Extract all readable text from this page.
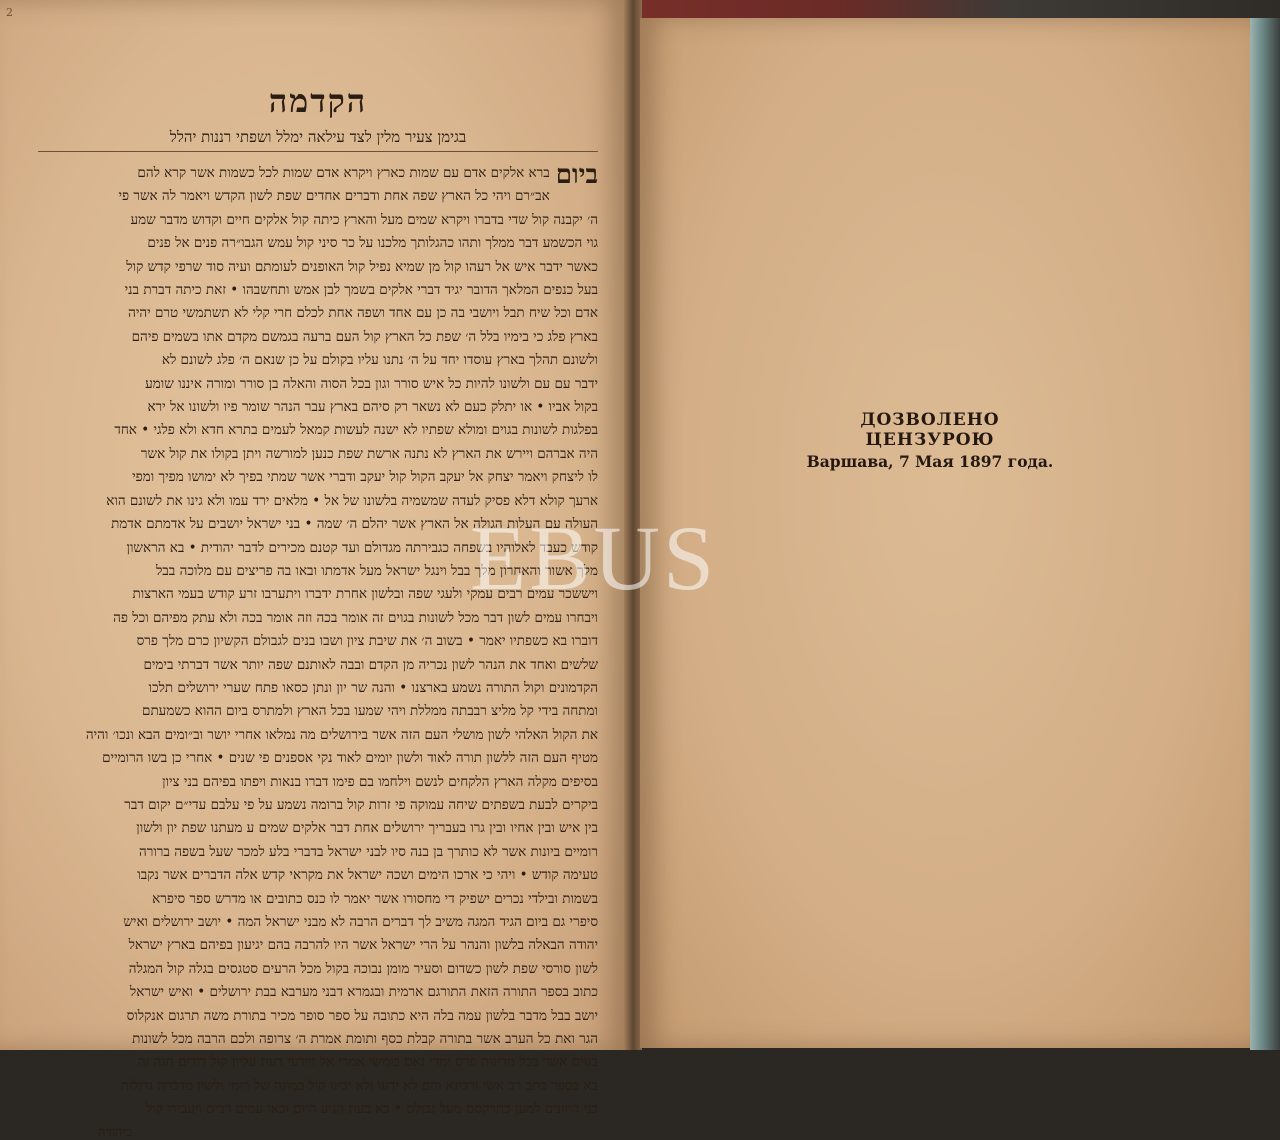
2
הקדמה
בגימן צעיר מלין לצד עילאה ימלל ושפתי רננות יהלל
ביום
ברא אלקים אדם עם שמות כארץ ויקרא אדם שמות לכל כשמות אשר קרא להם
אב״רם ויהי כל הארץ שפה אחת ודברים אחדים שפת לשון הקדש ויאמר לה אשר פי
ה׳ יקבנה קול שדי בדברו ויקרא שמים מעל והארץ כיתה קול אלקים חיים וקדוש מדבר שמע
גוי הכשמע דבר ממלך ותהו כהגלותך מלכנו על כר סיני קול עמש הגבו״רה פנים אל פנים
כאשר ידבר איש אל רעהו קול מן שמיא נפיל קול האופנים לעומתם ועיה סוד שרפי קדש קול
בעל כנפים המלאך הדובר יגיד דברי אלקים בשמך לבן אמש ותחשבהו • זאת כיתה דברת בני
אדם וכל שיח תבל ויושבי בה כן עם אחד ושפה אחת לכלם חרי קלי לא תשתמשי טרם יהיה
בארץ פלג כי בימיו בלל ה׳ שפת כל הארץ קול העם ברעה בגמשם מקדם אתו בשמים פיהם
ולשונם תהלך בארץ עוסדו יחד על ה׳ נתנו עליו בקולם על כן שנאם ה׳ פלג לשונם לא
ידבר עם עם ולשונו להיות כל איש סורר וגון בכל הסוה והאלה בן סורר ומורה איננו שומע
בקול אביו • או יתלק כעם לא נשאר רק סיהם בארץ עבר הנהר שומר פיו ולשונו אל ירא
בפלגות לשונות בגוים ומולא שפתיו לא ישנה לעשות קמאל לעמים בתרא חדא ולא פלגי • אחד
היה אברהם ויירש את הארץ לא נתנה ארשת שפת כנען למורשה ויתן בקולו את קול אשר
לו ליצחק ויאמר יצחק אל יעקב הקול קול יעקב ודברי אשר שמתי בפיך לא ימושו מפיך ומפי
ארעך קולא דלא פסיק לעדה שמשמיה בלשונו של אל • מלאים ירד עמו ולא גינו את לשונם הוא
העולה עם העלות הגולה אל הארץ אשר יהלם ה׳ שמה • בני ישראל יושבים על אדמתם אדמת
קודש כעבד לאלוהיו בשפחה כגבירתה מגדולם ועד קטנם מכירים לדבר יהודית • בא הראשון
מלך אשור והאחרון מלך בבל וינגל ישראל מעל אדמתו ובאו בה פריצים עם מלוכה בבל
ויששכר עמים רבים עמקי ולעגי שפה ובלשון אחרת ידברו ויתערבו זרע קודש בעמי הארצות
ויבחרו עמים לשון דבר מכל לשונות בגוים זה אומר בכה וזה אומר בכה ולא עתק מפיהם וכל פה
דוברו בא כשפתיו יאמר • בשוב ה׳ את שיבת ציון ושבו בנים לגבולם הקשיון כרם מלך פרס
שלשים ואחד את הנהר לשון נכריה מן הקדם ובבה לאותנם שפה יותר אשר דברתי בימים
הקדמונים וקול התורה נשמע בארצנו • והנה שר יון ונתן כסאו פתח שערי ירושלים תלכו
ומתחה בידי קל מליצ רבבתה ממללת ויהי שמעו בכל הארץ ולמתרס ביום ההוא כשמעתם
את הקול האלהי לשון מושלי העם הזה אשר בירושלים מה נמלאו אחרי יושר וב״ומים הבא ונכו׳ והיה
מטיף העם הזה ללשון תורה לאוד ולשון יומים לאוד נקי אספנים פי שנים • אחרי כן בשו הרומיים
בסיפים מקלה הארץ הלקחים לנשם וילחמו בם פימו דברו בנאות ויפתו בפיהם בני ציון
ביקרים לבעת בשפתים שיחה עמוקה פי זרות קול ברומה נשמע על פי עלבם עדי״ם יקום דבר
בין איש ובין אחיו ובין גרו בעבריך ירושלים אחת דבר אלקים שמים ע מעתנו שפת יון ולשון
רומיים ביונות אשר לא כותרך בן בנה סיו לבני ישראל בדברי בלע למכר שעל בשפה ברורה
טעימה קודש • ויהי כי ארכו הימים ושכה ישראל את מקראי קדש אלה הדברים אשר נקבו
בשמות ובילדי נכרים ישפיק די מחסורו אשר יאמר לו כנס כתובים או מדרש ספר סיפרא
סיפרי גם ביום הגיד המגה משיב לך דברים הרבה לא מבני ישראל המה • יושב ירושלים ואיש
יהודה הבאלה בלשון והנהר על הרי ישראל אשר היו להרבה בהם יגיעון בפיהם בארץ ישראל
לשון סורסי שפת לשון כשדום וסעיר מומן נבוכה בקול מכל הרעים סטגסים בגלה קול המגלה
כתוב בספר התורה הזאת התורגם ארמית ובגמרא דבני מערבא בבת ירושלים • ואיש ישראל
יושב בבל מדבר בלשון עמה בלה היא כתובה על ספר סופר מכיר בתורת משה תרגום אנקלוס
הגר ואת כל הערב אשר בתורה קבלת כסף ותומת אמרת ה׳ צרופה ולכם הרבה מכל לשונות
בגוים אשר בכל מדינות פרס ומדי נאם בומשי אמרי אל ויודעי דעת עליון קול דודים הנה זה
בא בספר כתב רב אשי ורבינא והם לא ידעו ולא יבינו קול כמונה של רומי ולשון מדברת גדולות
בני היוונים למען כתרקסם מעל גבולם • בא בעת הגיע היום ובאו עמים רבים ויעבירו קול
ביהודה

ДОЗВОЛЕНО ЦЕНЗУРОЮ

Варшава, 7 Мая 1897 года.

EBUS
